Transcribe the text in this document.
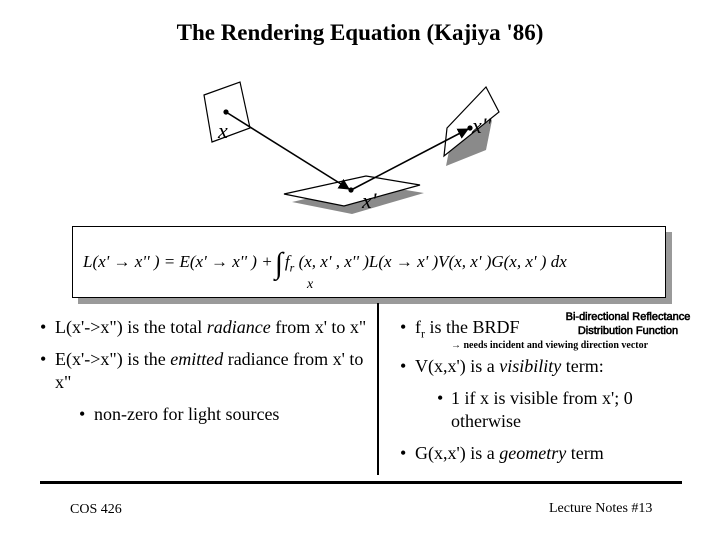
The Rendering Equation (Kajiya '86)
x
x'
x''
L(x' → x'' ) = E(x' → x'' ) +∫ $f_r$ (x, x' , x'' )L(x → x' )V(x, x' )G(x, x' ) dx
x
• L(x'->x") is the total radiance from x' to x"
• E(x'->x") is the emitted radiance from x' to x"
• non-zero for light sources
• $f_r$ is the BRDF
• V(x,x') is a visibility term:
• 1 if x is visible from x'; 0 otherwise
• G(x,x') is a geometry term
Bi-directional Reflectance
Distribution Function
→ needs incident and viewing direction vector
COS 426	Lecture Notes #13
